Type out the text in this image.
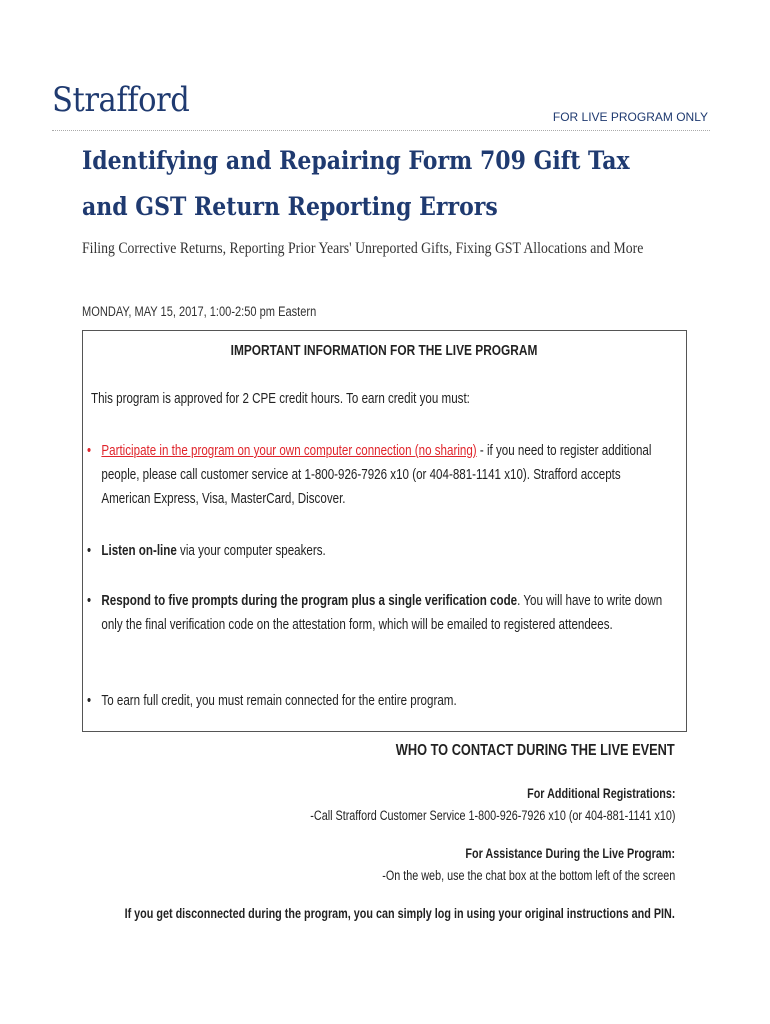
Strafford	FOR LIVE PROGRAM ONLY
Identifying and Repairing Form 709 Gift Tax
and GST Return Reporting Errors
Filing Corrective Returns, Reporting Prior Years' Unreported Gifts, Fixing GST Allocations and More
MONDAY, MAY 15, 2017, 1:00-2:50 pm Eastern
IMPORTANT INFORMATION FOR THE LIVE PROGRAM
This program is approved for 2 CPE credit hours. To earn credit you must:
• Participate in the program on your own computer connection (no sharing) - if you need to register additional people, please call customer service at 1-800-926-7926 x10 (or 404-881-1141 x10). Strafford accepts American Express, Visa, MasterCard, Discover.
• Listen on-line via your computer speakers.
• Respond to five prompts during the program plus a single verification code. You will have to write down only the final verification code on the attestation form, which will be emailed to registered attendees.
• To earn full credit, you must remain connected for the entire program.
WHO TO CONTACT DURING THE LIVE EVENT
For Additional Registrations:
-Call Strafford Customer Service 1-800-926-7926 x10 (or 404-881-1141 x10)
For Assistance During the Live Program:
-On the web, use the chat box at the bottom left of the screen
If you get disconnected during the program, you can simply log in using your original instructions and PIN.
